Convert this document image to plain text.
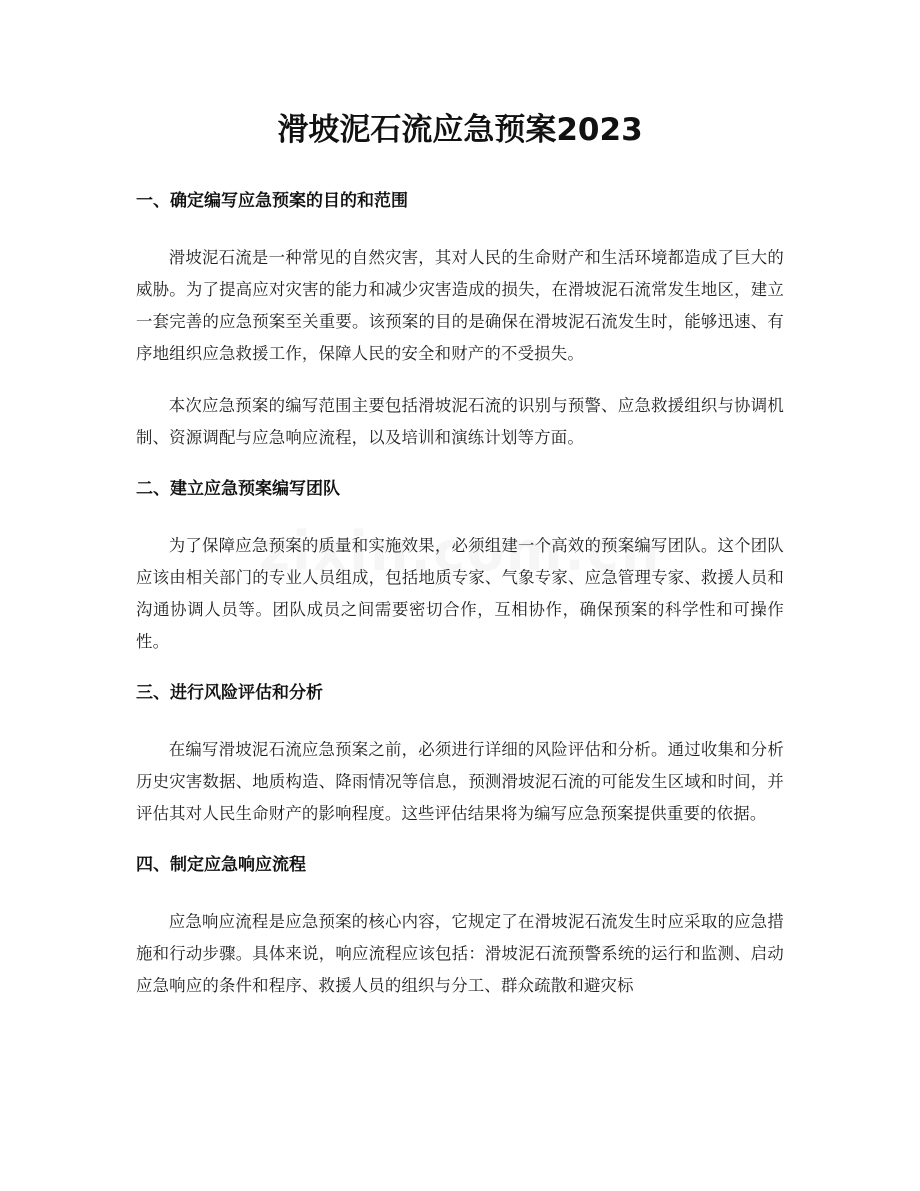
滑坡泥石流应急预案2023
一、确定编写应急预案的目的和范围

滑坡泥石流是一种常见的自然灾害，其对人民的生命财产和生活环境都造成了巨大的威胁。为了提高应对灾害的能力和减少灾害造成的损失，在滑坡泥石流常发生地区，建立一套完善的应急预案至关重要。该预案的目的是确保在滑坡泥石流发生时，能够迅速、有序地组织应急救援工作，保障人民的安全和财产的不受损失。

本次应急预案的编写范围主要包括滑坡泥石流的识别与预警、应急救援组织与协调机制、资源调配与应急响应流程，以及培训和演练计划等方面。

二、建立应急预案编写团队

为了保障应急预案的质量和实施效果，必须组建一个高效的预案编写团队。这个团队应该由相关部门的专业人员组成，包括地质专家、气象专家、应急管理专家、救援人员和沟通协调人员等。团队成员之间需要密切合作，互相协作，确保预案的科学性和可操作性。

三、进行风险评估和分析

在编写滑坡泥石流应急预案之前，必须进行详细的风险评估和分析。通过收集和分析历史灾害数据、地质构造、降雨情况等信息，预测滑坡泥石流的可能发生区域和时间，并评估其对人民生命财产的影响程度。这些评估结果将为编写应急预案提供重要的依据。

四、制定应急响应流程

应急响应流程是应急预案的核心内容，它规定了在滑坡泥石流发生时应采取的应急措施和行动步骤。具体来说，响应流程应该包括：滑坡泥石流预警系统的运行和监测、启动应急响应的条件和程序、救援人员的组织与分工、群众疏散和避灾标
